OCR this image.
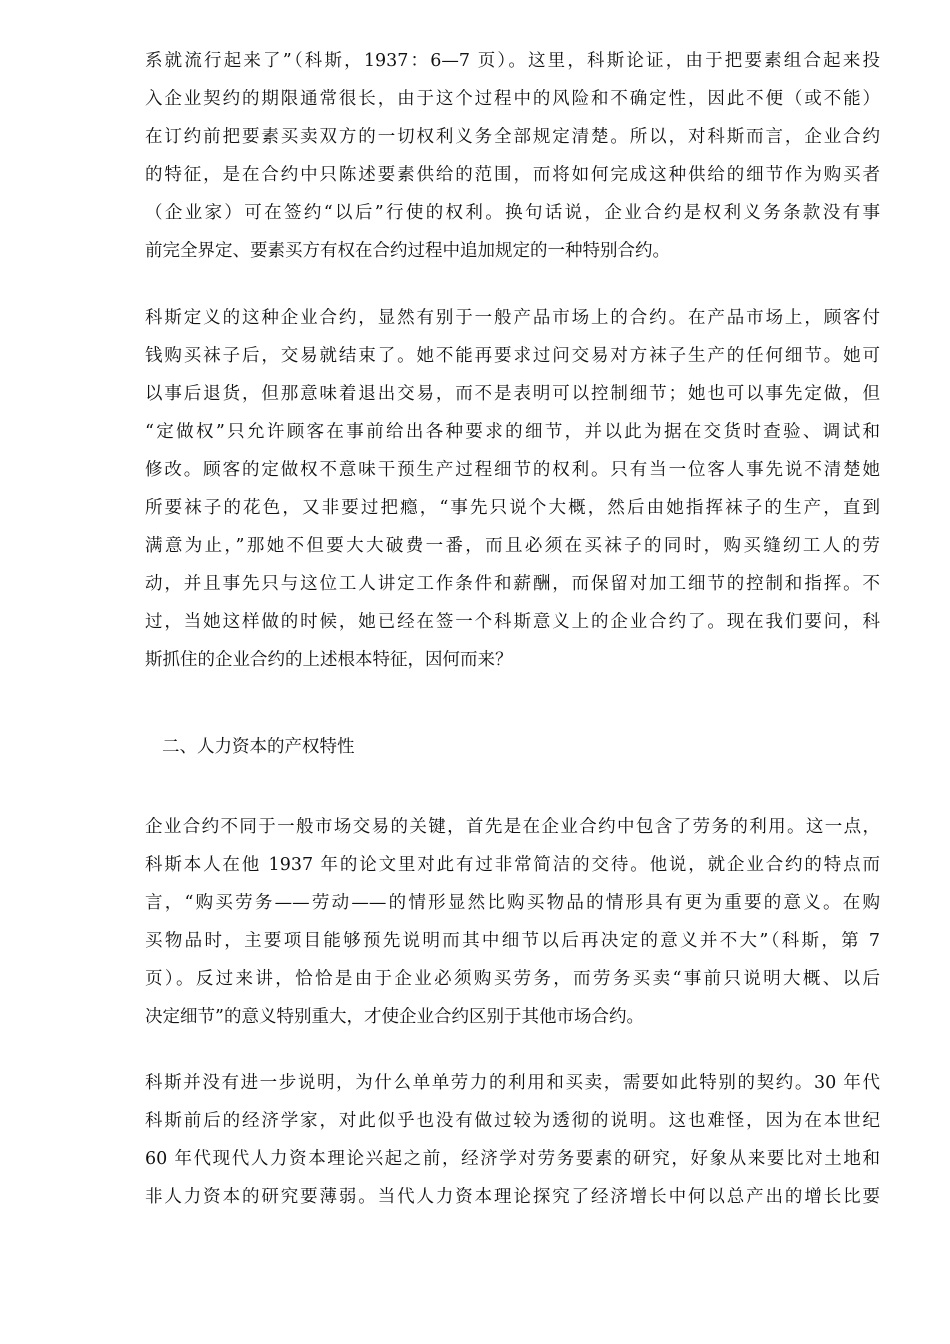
系就流行起来了”（科斯，1937：6—7 页）。这里，科斯论证，由于把要素组合起来投
入企业契约的期限通常很长，由于这个过程中的风险和不确定性，因此不便（或不能）
在订约前把要素买卖双方的一切权利义务全部规定清楚。所以，对科斯而言，企业合约
的特征，是在合约中只陈述要素供给的范围，而将如何完成这种供给的细节作为购买者
（企业家）可在签约“以后”行使的权利。换句话说，企业合约是权利义务条款没有事
前完全界定、要素买方有权在合约过程中追加规定的一种特别合约。
科斯定义的这种企业合约，显然有别于一般产品市场上的合约。在产品市场上，顾客付
钱购买袜子后，交易就结束了。她不能再要求过问交易对方袜子生产的任何细节。她可
以事后退货，但那意味着退出交易，而不是表明可以控制细节；她也可以事先定做，但
“定做权”只允许顾客在事前给出各种要求的细节，并以此为据在交货时查验、调试和
修改。顾客的定做权不意味干预生产过程细节的权利。只有当一位客人事先说不清楚她
所要袜子的花色，又非要过把瘾，“事先只说个大概，然后由她指挥袜子的生产，直到
满意为止，”那她不但要大大破费一番，而且必须在买袜子的同时，购买缝纫工人的劳
动，并且事先只与这位工人讲定工作条件和薪酬，而保留对加工细节的控制和指挥。不
过，当她这样做的时候，她已经在签一个科斯意义上的企业合约了。现在我们要问，科
斯抓住的企业合约的上述根本特征，因何而来？
二、人力资本的产权特性
企业合约不同于一般市场交易的关键，首先是在企业合约中包含了劳务的利用。这一点，
科斯本人在他 1937 年的论文里对此有过非常简洁的交待。他说，就企业合约的特点而
言，“购买劳务——劳动——的情形显然比购买物品的情形具有更为重要的意义。在购
买物品时，主要项目能够预先说明而其中细节以后再决定的意义并不大”（科斯，第 7
页）。反过来讲，恰恰是由于企业必须购买劳务，而劳务买卖“事前只说明大概、以后
决定细节”的意义特别重大，才使企业合约区别于其他市场合约。
科斯并没有进一步说明，为什么单单劳力的利用和买卖，需要如此特别的契约。30 年代
科斯前后的经济学家，对此似乎也没有做过较为透彻的说明。这也难怪，因为在本世纪
60 年代现代人力资本理论兴起之前，经济学对劳务要素的研究，好象从来要比对土地和
非人力资本的研究要薄弱。当代人力资本理论探究了经济增长中何以总产出的增长比要
